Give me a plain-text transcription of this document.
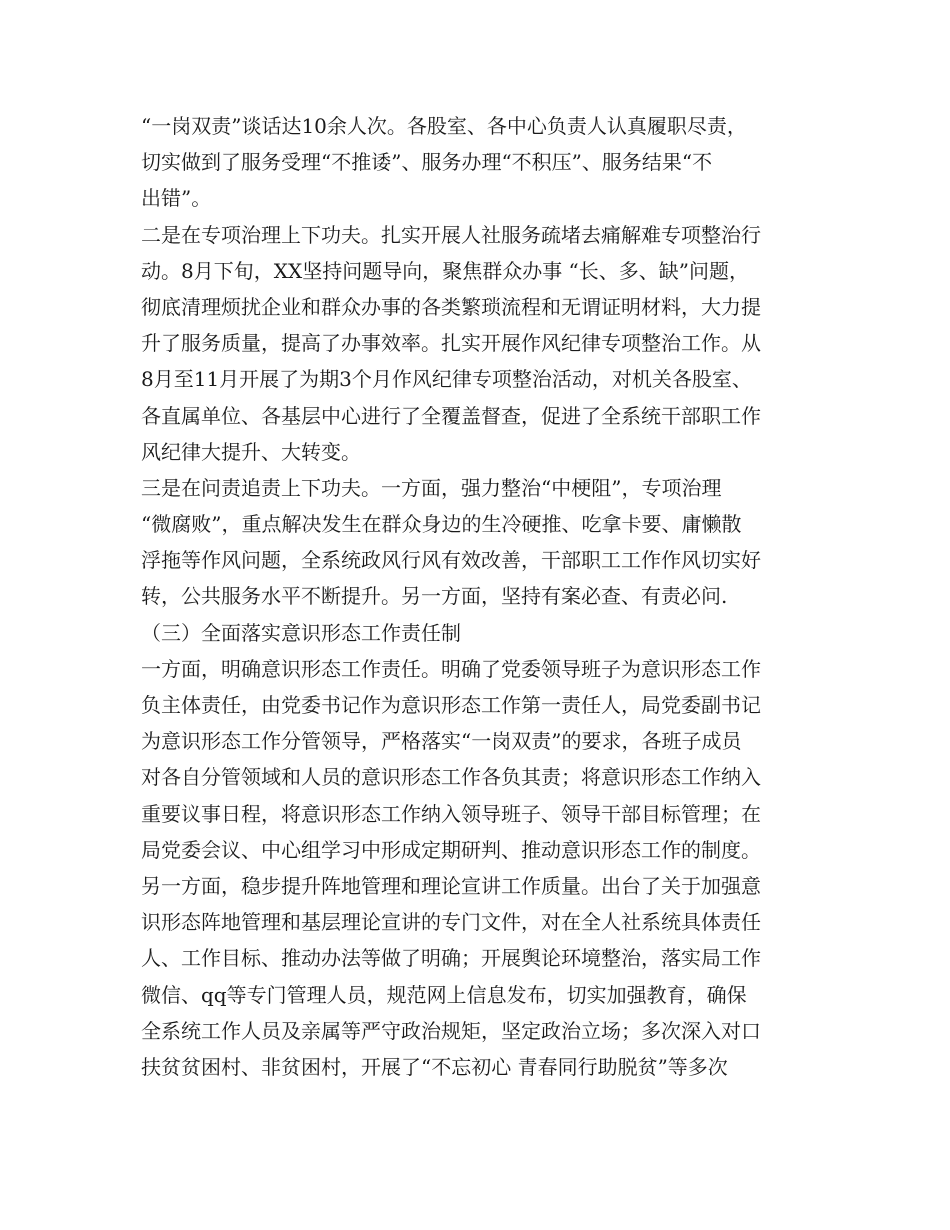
“一岗双责”谈话达10余人次。各股室、各中心负责人认真履职尽责，
切实做到了服务受理“不推诿”、服务办理“不积压”、服务结果“不
出错”。
二是在专项治理上下功夫。扎实开展人社服务疏堵去痛解难专项整治行
动。8月下旬，XX坚持问题导向，聚焦群众办事 “长、多、缺”问题，
彻底清理烦扰企业和群众办事的各类繁琐流程和无谓证明材料，大力提
升了服务质量，提高了办事效率。扎实开展作风纪律专项整治工作。从
8月至11月开展了为期3个月作风纪律专项整治活动，对机关各股室、
各直属单位、各基层中心进行了全覆盖督查，促进了全系统干部职工作
风纪律大提升、大转变。
三是在问责追责上下功夫。一方面，强力整治“中梗阻”，专项治理
“微腐败”，重点解决发生在群众身边的生冷硬推、吃拿卡要、庸懒散
浮拖等作风问题，全系统政风行风有效改善，干部职工工作作风切实好
转，公共服务水平不断提升。另一方面，坚持有案必查、有责必问.
（三）全面落实意识形态工作责任制
一方面，明确意识形态工作责任。明确了党委领导班子为意识形态工作
负主体责任，由党委书记作为意识形态工作第一责任人，局党委副书记
为意识形态工作分管领导，严格落实“一岗双责”的要求，各班子成员
对各自分管领域和人员的意识形态工作各负其责；将意识形态工作纳入
重要议事日程，将意识形态工作纳入领导班子、领导干部目标管理；在
局党委会议、中心组学习中形成定期研判、推动意识形态工作的制度。
另一方面，稳步提升阵地管理和理论宣讲工作质量。出台了关于加强意
识形态阵地管理和基层理论宣讲的专门文件，对在全人社系统具体责任
人、工作目标、推动办法等做了明确；开展舆论环境整治，落实局工作
微信、qq等专门管理人员，规范网上信息发布，切实加强教育，确保
全系统工作人员及亲属等严守政治规矩，坚定政治立场；多次深入对口
扶贫贫困村、非贫困村，开展了“不忘初心 青春同行助脱贫”等多次
